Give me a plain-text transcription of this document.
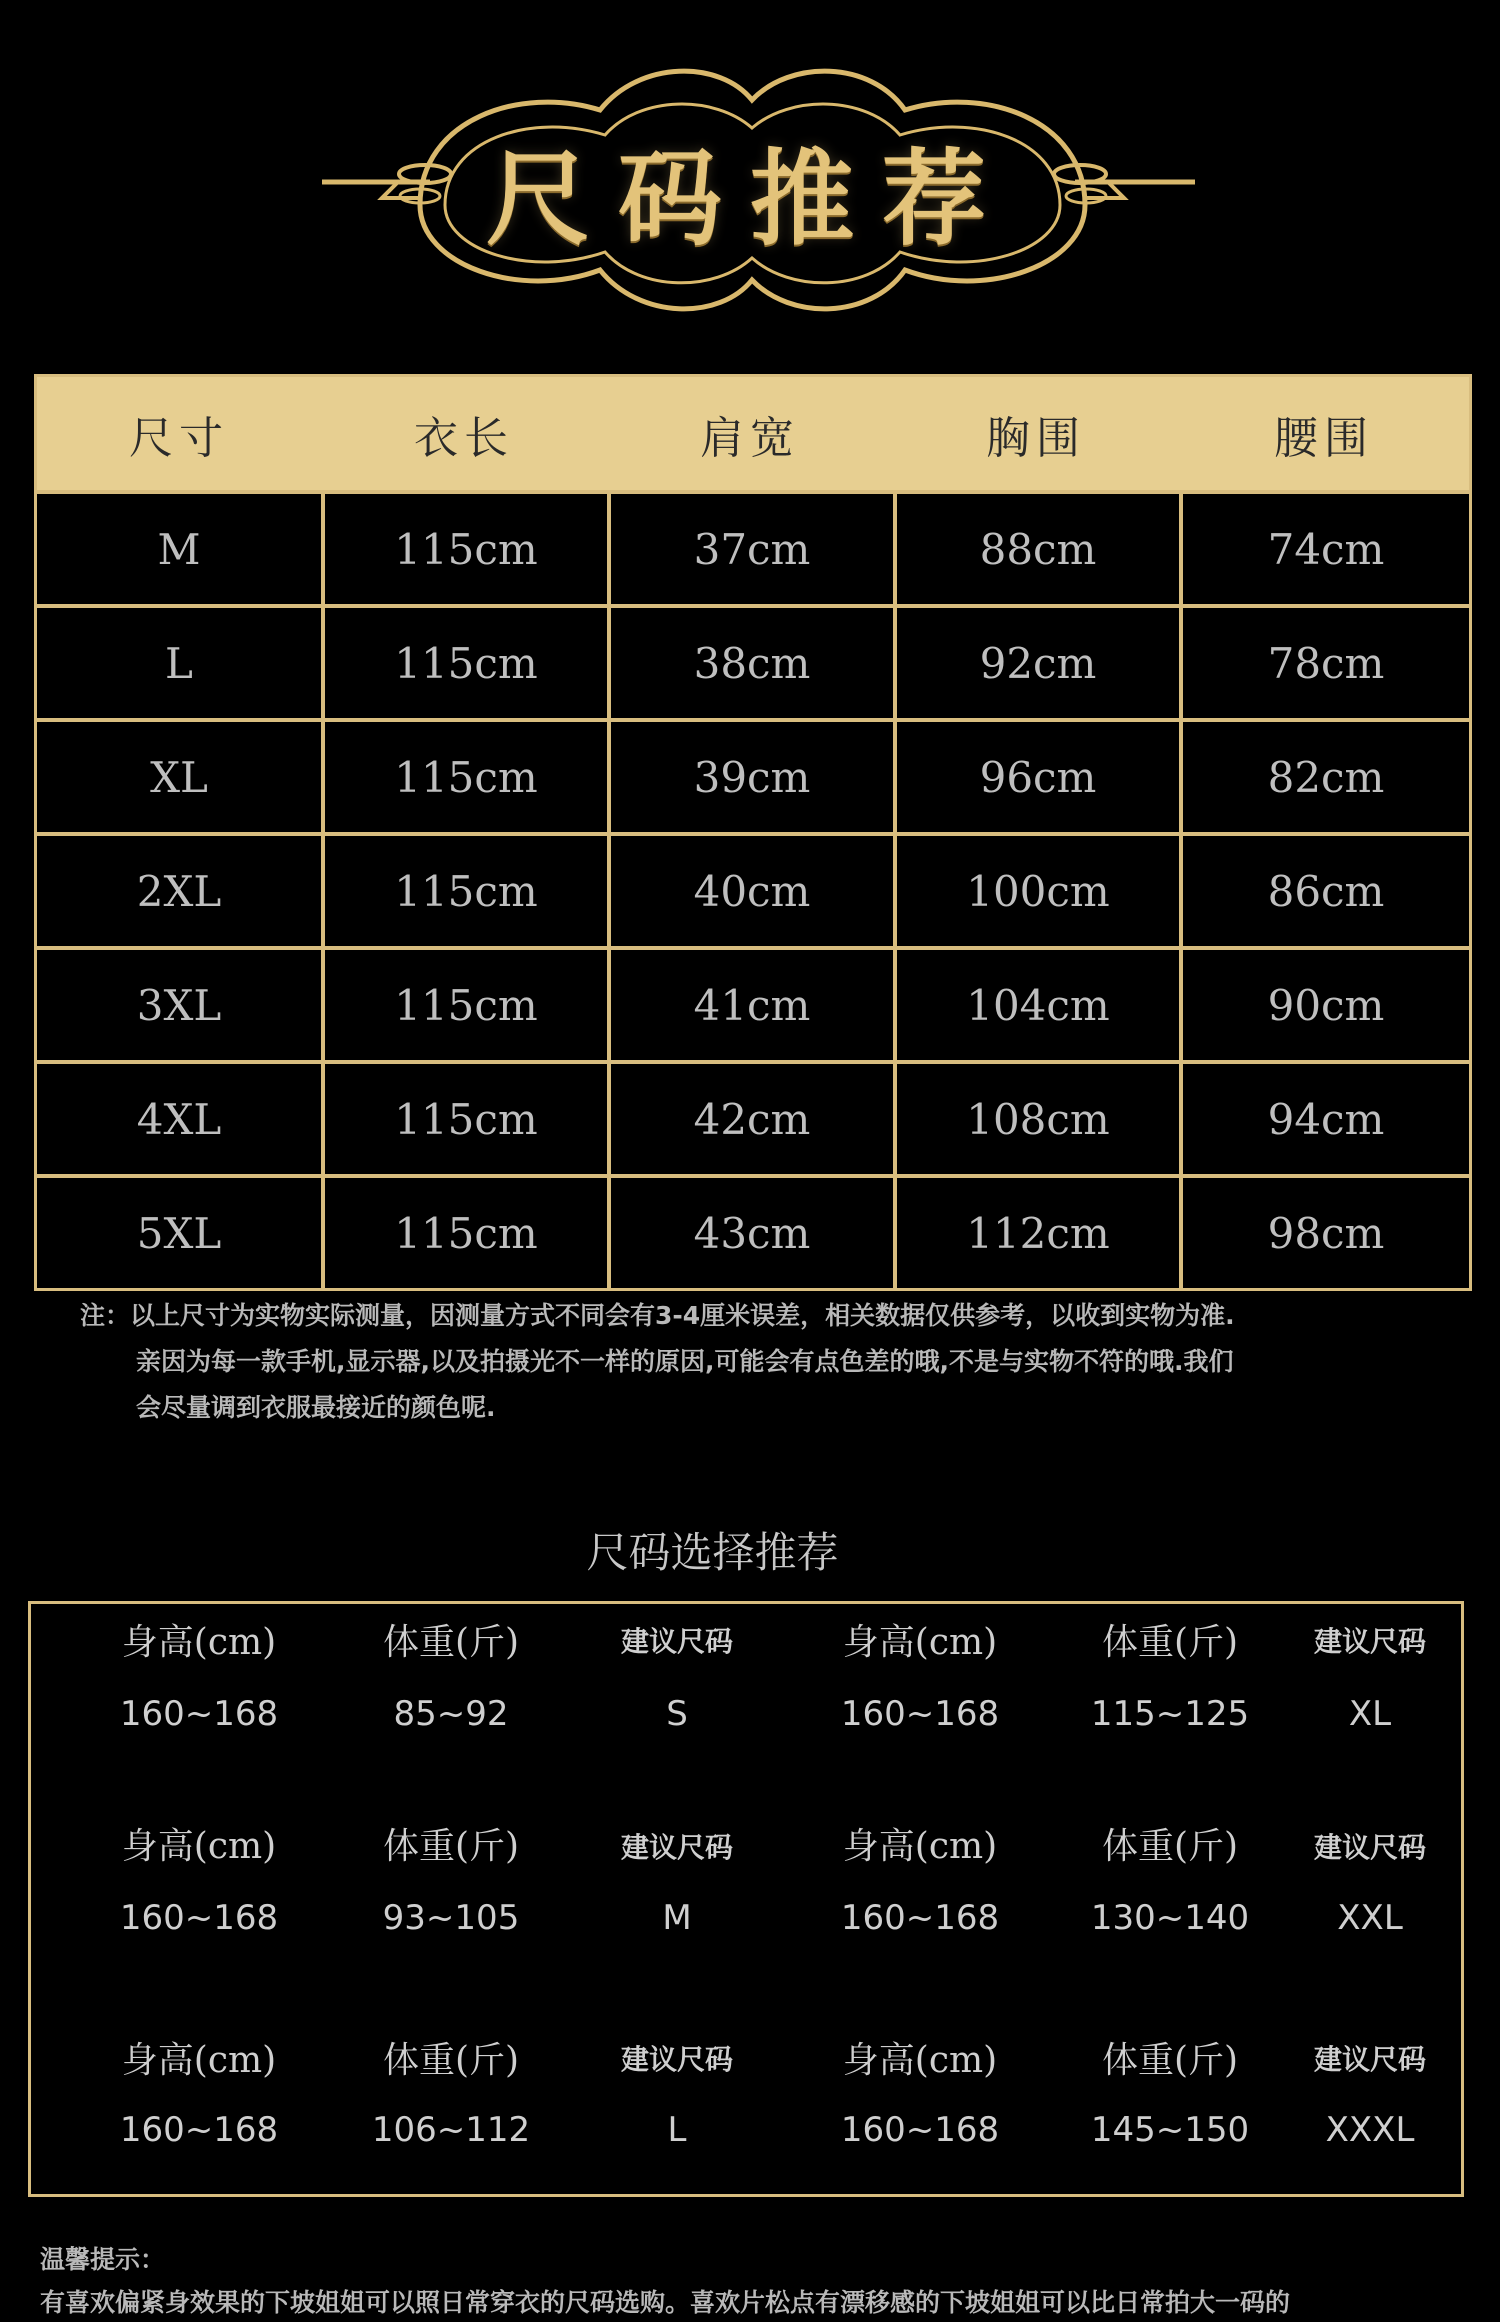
尺码推荐
尺寸	衣长	肩宽	胸围	腰围
M	115cm	37cm	88cm	74cm
L	115cm	38cm	92cm	78cm
XL	115cm	39cm	96cm	82cm
2XL	115cm	40cm	100cm	86cm
3XL	115cm	41cm	104cm	90cm
4XL	115cm	42cm	108cm	94cm
5XL	115cm	43cm	112cm	98cm
注：以上尺寸为实物实际测量，因测量方式不同会有3-4厘米误差，相关数据仅供参考，以收到实物为准.
亲因为每一款手机,显示器,以及拍摄光不一样的原因,可能会有点色差的哦,不是与实物不符的哦.我们
会尽量调到衣服最接近的颜色呢.
尺码选择推荐
身高(cm)	体重(斤)	建议尺码	身高(cm)	体重(斤)	建议尺码
160~168	85~92	S	160~168	115~125	XL
身高(cm)	体重(斤)	建议尺码	身高(cm)	体重(斤)	建议尺码
160~168	93~105	M	160~168	130~140	XXL
身高(cm)	体重(斤)	建议尺码	身高(cm)	体重(斤)	建议尺码
160~168	106~112	L	160~168	145~150	XXXL
温馨提示：
有喜欢偏紧身效果的下坡姐姐可以照日常穿衣的尺码选购。喜欢片松点有漂移感的下坡姐姐可以比日常拍大一码的
